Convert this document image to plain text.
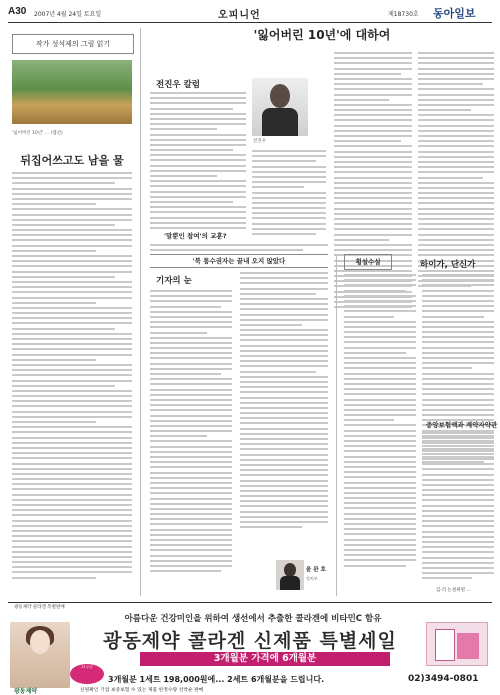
A30 2007년 4월 24일 토요일	오피니언	제18730호 동아일보
작가 성석제의 그림 읽기
'잃어버린 10년' ... (캡션)
뒤집어쓰고도 남을 물
'잃어버린 10년'에 대하여
전진우 칼럼
전진우
'말뿐인 참여'의 교훈?
'북 통수권자는 끝내 오지 않았다
기자의 눈
윤 완 호
정치부
횡설수설	하이가, 단신가
중앙보험액과 계약자약관
김·리 논설위원 ...
광동제약 콜라겐 특별판매
아름다운 건강미인을 위하여 생선에서 추출한 콜라겐에 비타민C 함유
광동제약 콜라겐 신제품 특별세일
3개월분 가격에 6개월분
21주년
3개월분 1세트 198,000원에... 2세트 6개월분을 드립니다.	02)3494-0801
광동제약	신원확인 기업 보증보험 수 있는 제품 한정수량 선착순 판매
